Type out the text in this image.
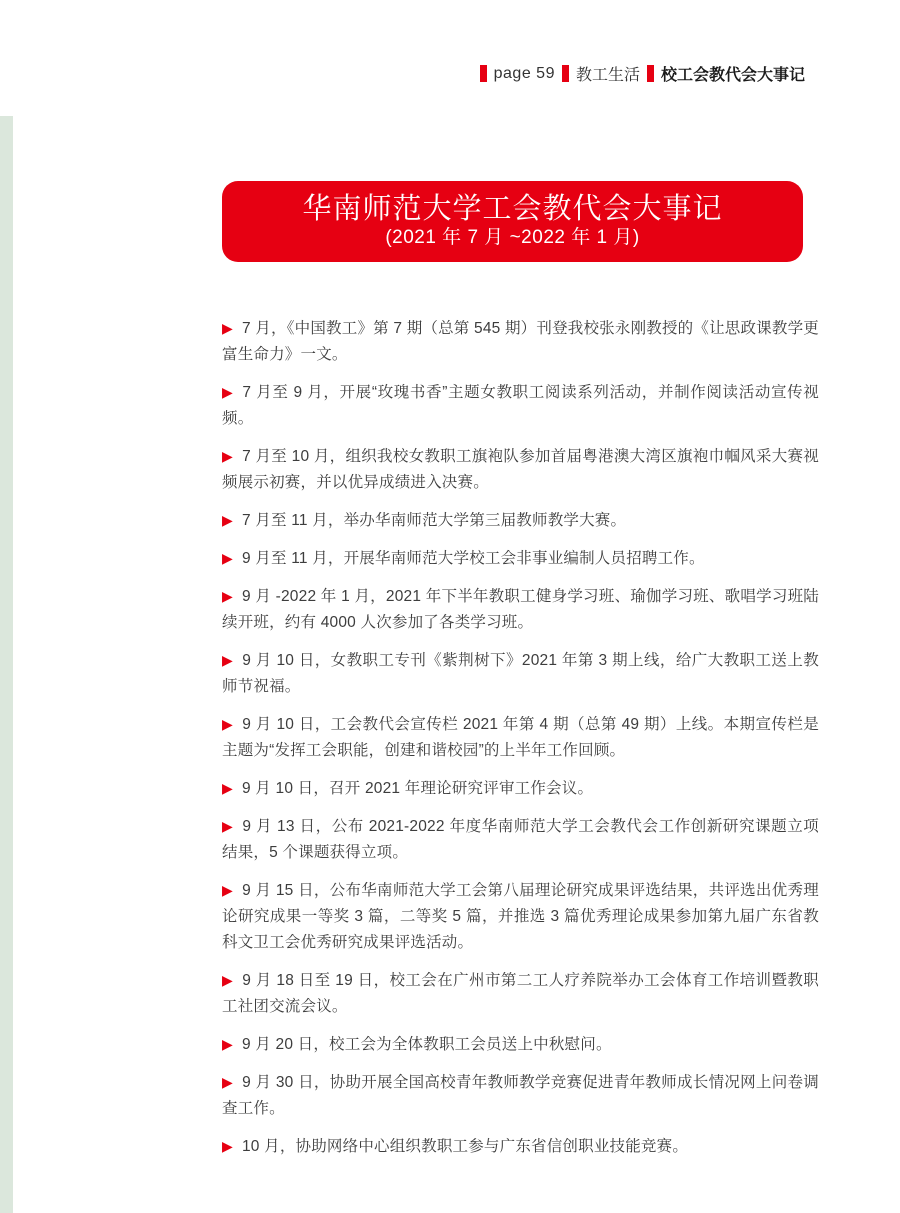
page 59 教工生活 校工会教代会大事记
华南师范大学工会教代会大事记
(2021 年 7 月 ~2022 年 1 月)

▶ 7 月，《中国教工》第 7 期（总第 545 期）刊登我校张永刚教授的《让思政课教学更富生命力》一文。

▶ 7 月至 9 月，开展“玫瑰书香”主题女教职工阅读系列活动，并制作阅读活动宣传视频。

▶ 7 月至 10 月，组织我校女教职工旗袍队参加首届粤港澳大湾区旗袍巾帼风采大赛视频展示初赛，并以优异成绩进入决赛。

▶ 7 月至 11 月，举办华南师范大学第三届教师教学大赛。

▶ 9 月至 11 月，开展华南师范大学校工会非事业编制人员招聘工作。

▶ 9 月 -2022 年 1 月，2021 年下半年教职工健身学习班、瑜伽学习班、歌唱学习班陆续开班，约有 4000 人次参加了各类学习班。

▶ 9 月 10 日，女教职工专刊《紫荆树下》2021 年第 3 期上线，给广大教职工送上教师节祝福。

▶ 9 月 10 日，工会教代会宣传栏 2021 年第 4 期（总第 49 期）上线。本期宣传栏是主题为“发挥工会职能，创建和谐校园”的上半年工作回顾。

▶ 9 月 10 日，召开 2021 年理论研究评审工作会议。

▶ 9 月 13 日，公布 2021-2022 年度华南师范大学工会教代会工作创新研究课题立项结果，5 个课题获得立项。

▶ 9 月 15 日，公布华南师范大学工会第八届理论研究成果评选结果，共评选出优秀理论研究成果一等奖 3 篇，二等奖 5 篇，并推选 3 篇优秀理论成果参加第九届广东省教科文卫工会优秀研究成果评选活动。

▶ 9 月 18 日至 19 日，校工会在广州市第二工人疗养院举办工会体育工作培训暨教职工社团交流会议。

▶ 9 月 20 日，校工会为全体教职工会员送上中秋慰问。

▶ 9 月 30 日，协助开展全国高校青年教师教学竞赛促进青年教师成长情况网上问卷调查工作。

▶ 10 月，协助网络中心组织教职工参与广东省信创职业技能竞赛。
